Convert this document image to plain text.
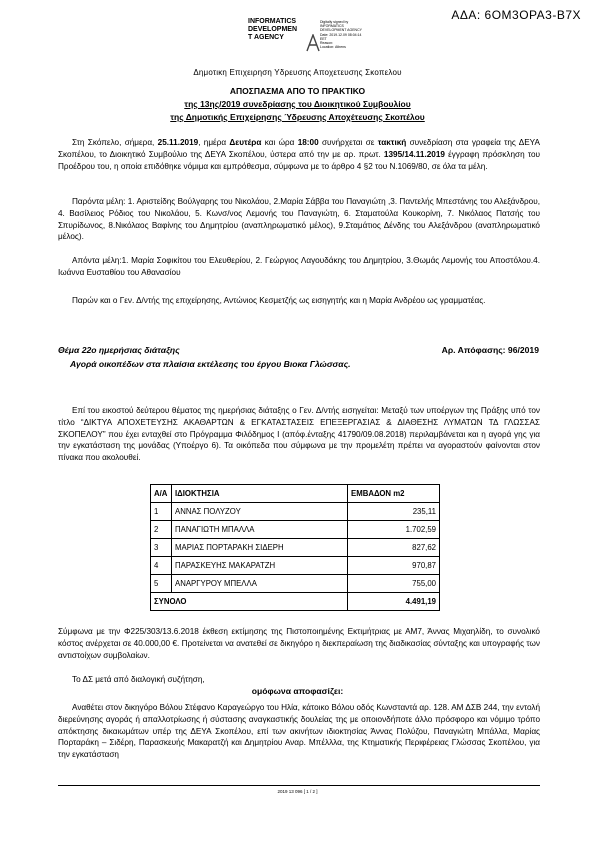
ΑΔΑ: 6ΟΜ3ΟΡΑ3-Β7Χ
INFORMATICS
DEVELOPMEN
T AGENCY
Digitally signed by
INFORMATICS
DEVELOPMENT AGENCY
Date: 2019.12.09 08:04:14
EET
Reason:
Location: Athens
Δημοτικη Επιχειρηση Υδρευσης Αποχετευσης Σκοπελου
ΑΠΟΣΠΑΣΜΑ ΑΠΟ ΤΟ ΠΡΑΚΤΙΚΟ
της 13ης/2019 συνεδρίασης του Διοικητικού Συμβουλίου
της Δημοτικής Επιχείρησης Ύδρευσης Αποχέτευσης Σκοπέλου
Στη Σκόπελο, σήμερα, 25.11.2019, ημέρα Δευτέρα και ώρα 18:00 συνήρχεται σε τακτική συνεδρίαση στα γραφεία της ΔΕΥΑ Σκοπέλου, το Διοικητικό Συμβούλιο της ΔΕΥΑ Σκοπέλου, ύστερα από την με αρ. πρωτ. 1395/14.11.2019 έγγραφη πρόσκληση του Προέδρου του, η οποία επιδόθηκε νόμιμα και εμπρόθεσμα, σύμφωνα με το άρθρο 4 §2 του Ν.1069/80, σε όλα τα μέλη.
Παρόντα μέλη: 1. Αριστείδης Βούλγαρης του Νικολάου, 2.Μαρία Σάββα του Παναγιώτη ,3. Παντελής Μπεστάνης του Αλεξάνδρου, 4. Βασίλειος Ρόδιος του Νικολάου, 5. Κωνσ/νος Λεμονής του Παναγιώτη, 6. Σταματούλα Κουκορίνη, 7. Νικόλαος Πατσής του Σπυρίδωνος, 8.Νικόλαος Βαφίνης του Δημητρίου (αναπληρωματικό μέλος), 9.Σταμάτιος Δένδης του Αλεξάνδρου (αναπληρωματικό μέλος).
Απόντα μέλη:1. Μαρία Σοφικίτου του Ελευθερίου, 2. Γεώργιος Λαγουδάκης του Δημητρίου, 3.Θωμάς Λεμονής του Αποστόλου.4. Ιωάννα Ευσταθίου του Αθανασίου
Παρών και ο Γεν. Δ/ντής της επιχείρησης, Αντώνιος Κεσμετζής ως εισηγητής και η Μαρία Ανδρέου ως γραμματέας.
Θέμα 22ο ημερήσιας διάταξης	Αρ. Απόφασης: 96/2019
Αγορά οικοπέδων στα πλαίσια εκτέλεσης του έργου Βιοκα Γλώσσας.
Επί του εικοστού δεύτερου θέματος της ημερήσιας διάταξης ο Γεν. Δ/ντής εισηγείται: Μεταξύ των υποέργων της Πράξης υπό τον τίτλο “ΔΙΚΤΥΑ ΑΠΟΧΕΤΕΥΣΗΣ ΑΚΑΘΑΡΤΩΝ & ΕΓΚΑΤΑΣΤΑΣΕΙΣ ΕΠΕΞΕΡΓΑΣΙΑΣ & ΔΙΑΘΕΣΗΣ ΛΥΜΑΤΩΝ ΤΔ ΓΛΩΣΣΑΣ ΣΚΟΠΕΛΟΥ” που έχει ενταχθεί στο Πρόγραμμα Φιλόδημος Ι (απόφ.ένταξης 41790/09.08.2018) περιλαμβάνεται και η αγορά γης για την εγκατάσταση της μονάδας (Υποέργο 6). Τα οικόπεδα που σύμφωνα με την προμελέτη πρέπει να αγοραστούν φαίνονται στον πίνακα που ακολουθεί.
Α/Α	ΙΔΙΟΚΤΗΣΙΑ	ΕΜΒΑΔΟΝ m2
1	ΑΝΝΑΣ ΠΟΛΥΖΟΥ	235,11
2	ΠΑΝΑΓΙΩΤΗ ΜΠΑΛΛΑ	1.702,59
3	ΜΑΡΙΑΣ ΠΟΡΤΑΡΑΚΗ ΣΙΔΕΡΗ	827,62
4	ΠΑΡΑΣΚΕΥΗΣ ΜΑΚΑΡΑΤΖΗ	970,87
5	ΑΝΑΡΓΥΡΟΥ ΜΠΕΛΛΑ	755,00
ΣΥΝΟΛΟ		4.491,19
Σύμφωνα με την Φ225/303/13.6.2018 έκθεση εκτίμησης της Πιστοποιημένης Εκτιμήτριας με ΑΜ7, Άννας Μιχαηλίδη, το συνολικό κόστος ανέρχεται σε 40.000,00 €. Προτείνεται να ανατεθεί σε δικηγόρο η διεκπεραίωση της διαδικασίας σύνταξης και υπογραφής των αντιστοίχων συμβολαίων.
Το ΔΣ μετά από διαλογική συζήτηση,
ομόφωνα αποφασίζει:
Αναθέτει στον δικηγόρο Βόλου Στέφανο Καραγεώργο του Ηλία, κάτοικο Βόλου οδός Κωνσταντά αρ. 128. ΑΜ ΔΣΒ 244, την εντολή διερεύνησης αγοράς ή απαλλοτρίωσης ή σύστασης αναγκαστικής δουλείας της με οποιονδήποτε άλλο πρόσφορο και νόμιμο τρόπο απόκτησης δικαιωμάτων υπέρ της ΔΕΥΑ Σκοπέλου, επί των ακινήτων ιδιοκτησίας Άννας Πολύζου, Παναγιώτη Μπάλλα, Μαρίας Πορταράκη – Σιδέρη, Παρασκευής Μακαρατζή και Δημητρίου Αναρ. Μπέλλλα, της Κτηματικής Περιφέρειας Γλώσσας Σκοπέλου, για την εγκατάσταση
2019 13 096 [ 1 / 2 ]
